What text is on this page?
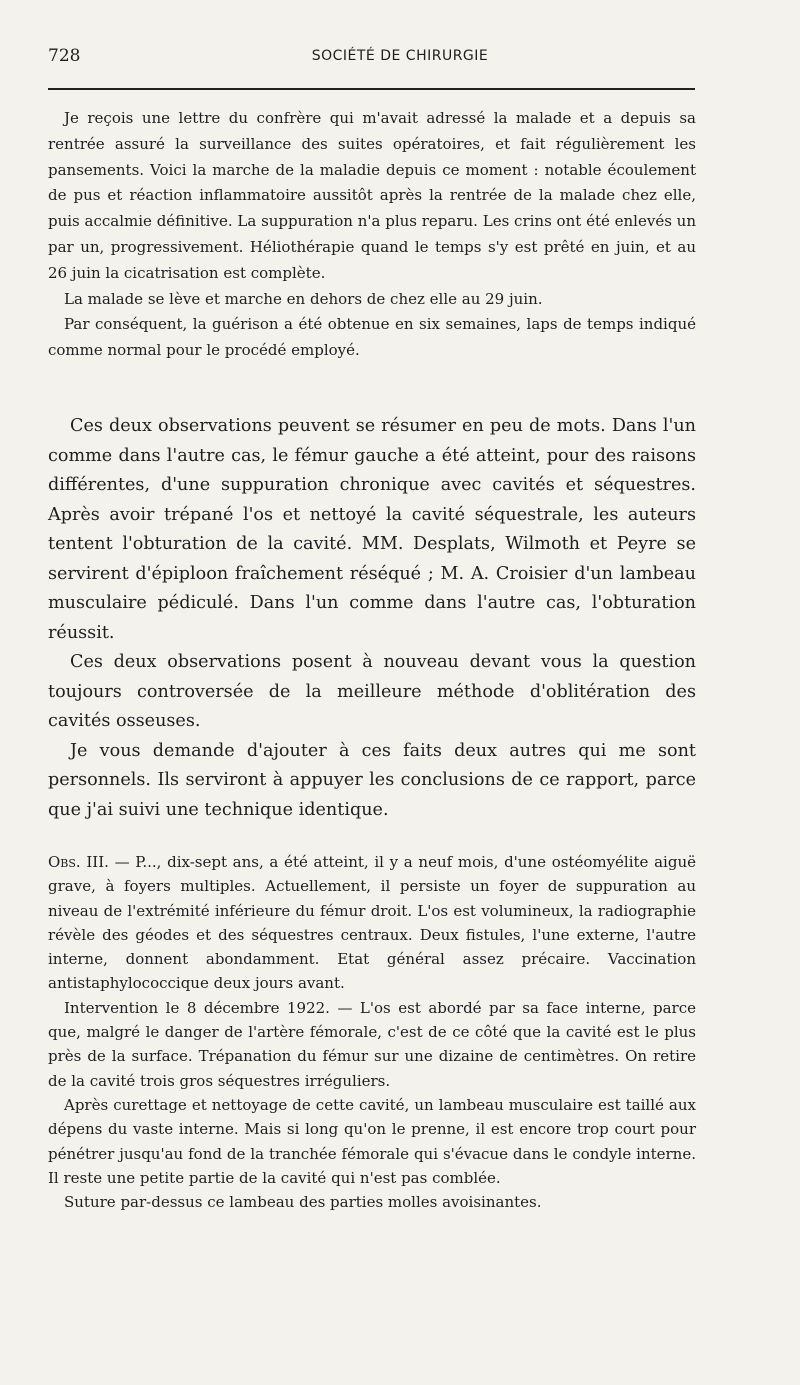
728	SOCIÉTÉ DE CHIRURGIE

Je reçois une lettre du confrère qui m'avait adressé la malade et a depuis sa rentrée assuré la surveillance des suites opératoires, et fait régulièrement les pansements. Voici la marche de la maladie depuis ce moment : notable écoulement de pus et réaction inflammatoire aussitôt après la rentrée de la malade chez elle, puis accalmie définitive. La suppuration n'a plus reparu. Les crins ont été enlevés un par un, progressivement. Héliothérapie quand le temps s'y est prêté en juin, et au 26 juin la cicatrisation est complète.

La malade se lève et marche en dehors de chez elle au 29 juin.

Par conséquent, la guérison a été obtenue en six semaines, laps de temps indiqué comme normal pour le procédé employé.

Ces deux observations peuvent se résumer en peu de mots. Dans l'un comme dans l'autre cas, le fémur gauche a été atteint, pour des raisons différentes, d'une suppuration chronique avec cavités et séquestres. Après avoir trépané l'os et nettoyé la cavité séquestrale, les auteurs tentent l'obturation de la cavité. MM. Desplats, Wilmoth et Peyre se servirent d'épiploon fraîchement réséqué ; M. A. Croisier d'un lambeau musculaire pédiculé. Dans l'un comme dans l'autre cas, l'obturation réussit.

Ces deux observations posent à nouveau devant vous la question toujours controversée de la meilleure méthode d'oblitération des cavités osseuses.

Je vous demande d'ajouter à ces faits deux autres qui me sont personnels. Ils serviront à appuyer les conclusions de ce rapport, parce que j'ai suivi une technique identique.

Obs. III. — P..., dix-sept ans, a été atteint, il y a neuf mois, d'une ostéomyélite aiguë grave, à foyers multiples. Actuellement, il persiste un foyer de suppuration au niveau de l'extrémité inférieure du fémur droit. L'os est volumineux, la radiographie révèle des géodes et des séquestres centraux. Deux fistules, l'une externe, l'autre interne, donnent abondamment. Etat général assez précaire. Vaccination antistaphylococcique deux jours avant.

Intervention le 8 décembre 1922. — L'os est abordé par sa face interne, parce que, malgré le danger de l'artère fémorale, c'est de ce côté que la cavité est le plus près de la surface. Trépanation du fémur sur une dizaine de centimètres. On retire de la cavité trois gros séquestres irréguliers.

Après curettage et nettoyage de cette cavité, un lambeau musculaire est taillé aux dépens du vaste interne. Mais si long qu'on le prenne, il est encore trop court pour pénétrer jusqu'au fond de la tranchée fémorale qui s'évacue dans le condyle interne. Il reste une petite partie de la cavité qui n'est pas comblée.

Suture par-dessus ce lambeau des parties molles avoisinantes.
